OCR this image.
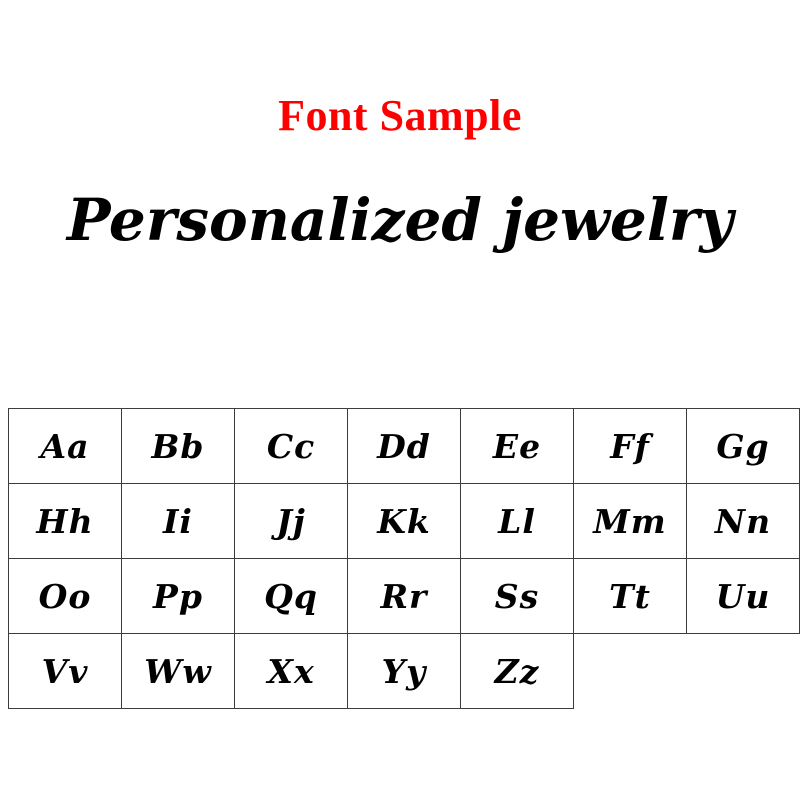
Font Sample
Personalized jewelry
Aa	Bb	Cc	Dd	Ee	Ff	Gg
Hh	Ii	Jj	Kk	Ll	Mm	Nn
Oo	Pp	Qq	Rr	Ss	Tt	Uu
Vv	Ww	Xx	Yy	Zz		
